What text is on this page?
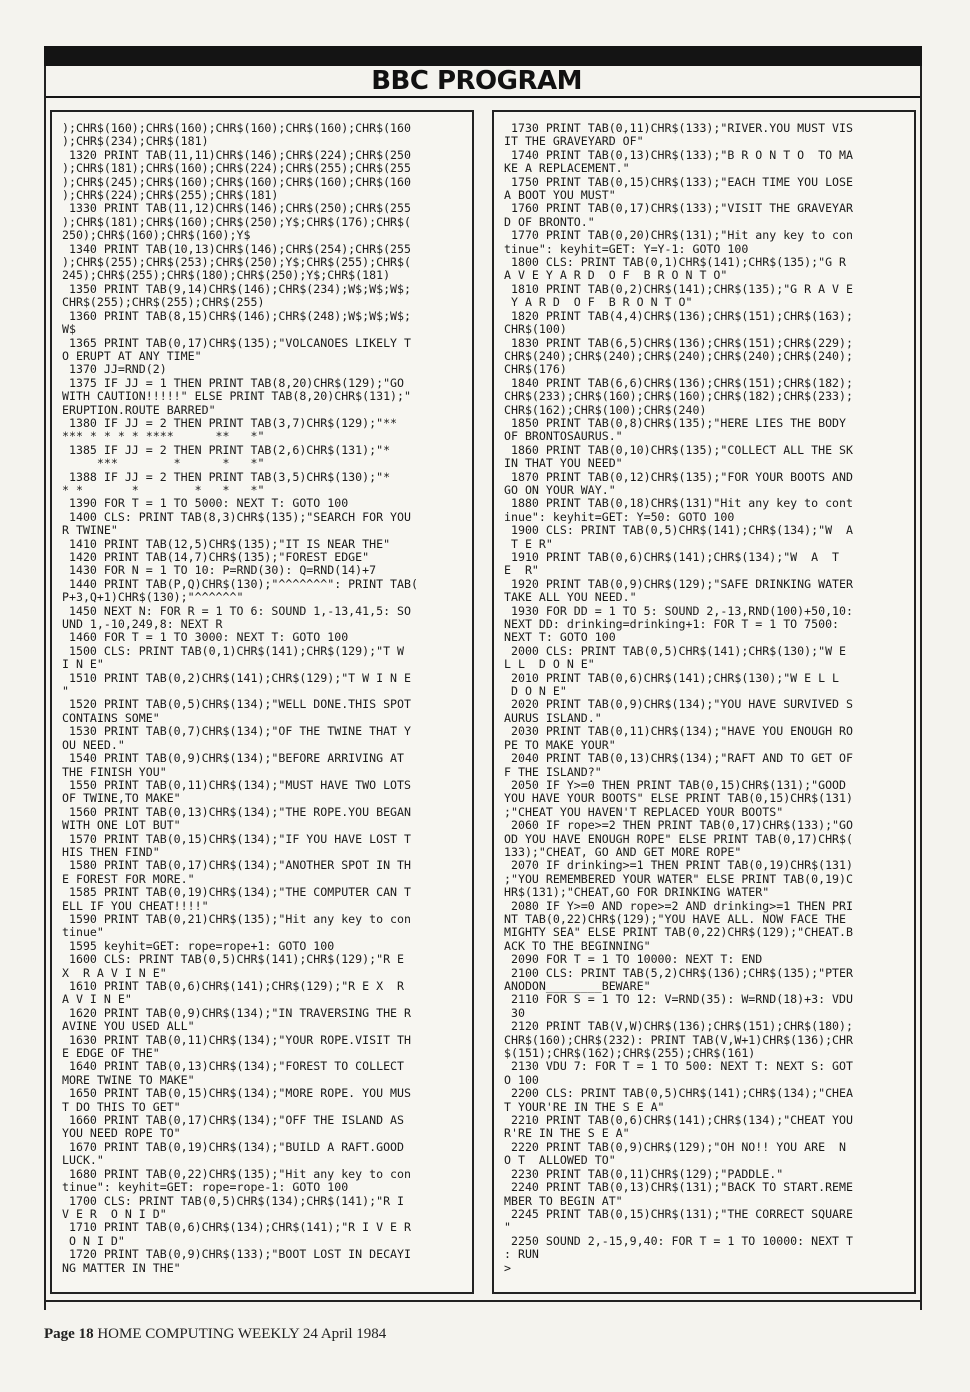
BBC PROGRAM
);CHR$(160);CHR$(160);CHR$(160);CHR$(160);CHR$(160
);CHR$(234);CHR$(181)
1320 PRINT TAB(11,11)CHR$(146);CHR$(224);CHR$(250
);CHR$(181);CHR$(160);CHR$(224);CHR$(255);CHR$(255
);CHR$(245);CHR$(160);CHR$(160);CHR$(160);CHR$(160
);CHR$(224);CHR$(255);CHR$(181)
1330 PRINT TAB(11,12)CHR$(146);CHR$(250);CHR$(255
);CHR$(181);CHR$(160);CHR$(250);Y$;CHR$(176);CHR$(
250);CHR$(160);CHR$(160);Y$
1340 PRINT TAB(10,13)CHR$(146);CHR$(254);CHR$(255
);CHR$(255);CHR$(253);CHR$(250);Y$;CHR$(255);CHR$(
245);CHR$(255);CHR$(180);CHR$(250);Y$;CHR$(181)
1350 PRINT TAB(9,14)CHR$(146);CHR$(234);W$;W$;W$;
CHR$(255);CHR$(255);CHR$(255)
1360 PRINT TAB(8,15)CHR$(146);CHR$(248);W$;W$;W$;
W$
1365 PRINT TAB(0,17)CHR$(135);"VOLCANOES LIKELY T
O ERUPT AT ANY TIME"
1370 JJ=RND(2)
1375 IF JJ = 1 THEN PRINT TAB(8,20)CHR$(129);"GO
WITH CAUTION!!!!!" ELSE PRINT TAB(8,20)CHR$(131);"
ERUPTION.ROUTE BARRED"
1380 IF JJ = 2 THEN PRINT TAB(3,7)CHR$(129);"**
*** * * * * ****      **   *"
1385 IF JJ = 2 THEN PRINT TAB(2,6)CHR$(131);"*
***        *      *   *"
1388 IF JJ = 2 THEN PRINT TAB(3,5)CHR$(130);"*
* *       *        *   *   *"
1390 FOR T = 1 TO 5000: NEXT T: GOTO 100
1400 CLS: PRINT TAB(8,3)CHR$(135);"SEARCH FOR YOU
R TWINE"
1410 PRINT TAB(12,5)CHR$(135);"IT IS NEAR THE"
1420 PRINT TAB(14,7)CHR$(135);"FOREST EDGE"
1430 FOR N = 1 TO 10: P=RND(30): Q=RND(14)+7
1440 PRINT TAB(P,Q)CHR$(130);"^^^^^^^": PRINT TAB(
P+3,Q+1)CHR$(130);"^^^^^^"
1450 NEXT N: FOR R = 1 TO 6: SOUND 1,-13,41,5: SO
UND 1,-10,249,8: NEXT R
1460 FOR T = 1 TO 3000: NEXT T: GOTO 100
1500 CLS: PRINT TAB(0,1)CHR$(141);CHR$(129);"T W
I N E"
1510 PRINT TAB(0,2)CHR$(141);CHR$(129);"T W I N E
"
1520 PRINT TAB(0,5)CHR$(134);"WELL DONE.THIS SPOT
CONTAINS SOME"
1530 PRINT TAB(0,7)CHR$(134);"OF THE TWINE THAT Y
OU NEED."
1540 PRINT TAB(0,9)CHR$(134);"BEFORE ARRIVING AT
THE FINISH YOU"
1550 PRINT TAB(0,11)CHR$(134);"MUST HAVE TWO LOTS
OF TWINE,TO MAKE"
1560 PRINT TAB(0,13)CHR$(134);"THE ROPE.YOU BEGAN
WITH ONE LOT BUT"
1570 PRINT TAB(0,15)CHR$(134);"IF YOU HAVE LOST T
HIS THEN FIND"
1580 PRINT TAB(0,17)CHR$(134);"ANOTHER SPOT IN TH
E FOREST FOR MORE."
1585 PRINT TAB(0,19)CHR$(134);"THE COMPUTER CAN T
ELL IF YOU CHEAT!!!!"
1590 PRINT TAB(0,21)CHR$(135);"Hit any key to con
tinue"
1595 keyhit=GET: rope=rope+1: GOTO 100
1600 CLS: PRINT TAB(0,5)CHR$(141);CHR$(129);"R E
X  R A V I N E"
1610 PRINT TAB(0,6)CHR$(141);CHR$(129);"R E X  R
A V I N E"
1620 PRINT TAB(0,9)CHR$(134);"IN TRAVERSING THE R
AVINE YOU USED ALL"
1630 PRINT TAB(0,11)CHR$(134);"YOUR ROPE.VISIT TH
E EDGE OF THE"
1640 PRINT TAB(0,13)CHR$(134);"FOREST TO COLLECT
MORE TWINE TO MAKE"
1650 PRINT TAB(0,15)CHR$(134);"MORE ROPE. YOU MUS
T DO THIS TO GET"
1660 PRINT TAB(0,17)CHR$(134);"OFF THE ISLAND AS
YOU NEED ROPE TO"
1670 PRINT TAB(0,19)CHR$(134);"BUILD A RAFT.GOOD
LUCK."
1680 PRINT TAB(0,22)CHR$(135);"Hit any key to con
tinue": keyhit=GET: rope=rope-1: GOTO 100
1700 CLS: PRINT TAB(0,5)CHR$(134);CHR$(141);"R I
V E R  O N I D"
1710 PRINT TAB(0,6)CHR$(134);CHR$(141);"R I V E R
O N I D"
1720 PRINT TAB(0,9)CHR$(133);"BOOT LOST IN DECAYI
NG MATTER IN THE"
1730 PRINT TAB(0,11)CHR$(133);"RIVER.YOU MUST VIS
IT THE GRAVEYARD OF"
1740 PRINT TAB(0,13)CHR$(133);"B R O N T O  TO MA
KE A REPLACEMENT."
1750 PRINT TAB(0,15)CHR$(133);"EACH TIME YOU LOSE
A BOOT YOU MUST"
1760 PRINT TAB(0,17)CHR$(133);"VISIT THE GRAVEYAR
D OF BRONTO."
1770 PRINT TAB(0,20)CHR$(131);"Hit any key to con
tinue": keyhit=GET: Y=Y-1: GOTO 100
1800 CLS: PRINT TAB(0,1)CHR$(141);CHR$(135);"G R
A V E Y A R D  O F  B R O N T O"
1810 PRINT TAB(0,2)CHR$(141);CHR$(135);"G R A V E
Y A R D  O F  B R O N T O"
1820 PRINT TAB(4,4)CHR$(136);CHR$(151);CHR$(163);
CHR$(100)
1830 PRINT TAB(6,5)CHR$(136);CHR$(151);CHR$(229);
CHR$(240);CHR$(240);CHR$(240);CHR$(240);CHR$(240);
CHR$(176)
1840 PRINT TAB(6,6)CHR$(136);CHR$(151);CHR$(182);
CHR$(233);CHR$(160);CHR$(160);CHR$(182);CHR$(233);
CHR$(162);CHR$(100);CHR$(240)
1850 PRINT TAB(0,8)CHR$(135);"HERE LIES THE BODY
OF BRONTOSAURUS."
1860 PRINT TAB(0,10)CHR$(135);"COLLECT ALL THE SK
IN THAT YOU NEED"
1870 PRINT TAB(0,12)CHR$(135);"FOR YOUR BOOTS AND
GO ON YOUR WAY."
1880 PRINT TAB(0,18)CHR$(131)"Hit any key to cont
inue": keyhit=GET: Y=50: GOTO 100
1900 CLS: PRINT TAB(0,5)CHR$(141);CHR$(134);"W  A
T E R"
1910 PRINT TAB(0,6)CHR$(141);CHR$(134);"W  A  T
E  R"
1920 PRINT TAB(0,9)CHR$(129);"SAFE DRINKING WATER
TAKE ALL YOU NEED."
1930 FOR DD = 1 TO 5: SOUND 2,-13,RND(100)+50,10:
NEXT DD: drinking=drinking+1: FOR T = 1 TO 7500:
NEXT T: GOTO 100
2000 CLS: PRINT TAB(0,5)CHR$(141);CHR$(130);"W E
L L  D O N E"
2010 PRINT TAB(0,6)CHR$(141);CHR$(130);"W E L L
D O N E"
2020 PRINT TAB(0,9)CHR$(134);"YOU HAVE SURVIVED S
AURUS ISLAND."
2030 PRINT TAB(0,11)CHR$(134);"HAVE YOU ENOUGH RO
PE TO MAKE YOUR"
2040 PRINT TAB(0,13)CHR$(134);"RAFT AND TO GET OF
F THE ISLAND?"
2050 IF Y>=0 THEN PRINT TAB(0,15)CHR$(131);"GOOD
YOU HAVE YOUR BOOTS" ELSE PRINT TAB(0,15)CHR$(131)
;"CHEAT YOU HAVEN'T REPLACED YOUR BOOTS"
2060 IF rope>=2 THEN PRINT TAB(0,17)CHR$(133);"GO
OD YOU HAVE ENOUGH ROPE" ELSE PRINT TAB(0,17)CHR$(
133);"CHEAT, GO AND GET MORE ROPE"
2070 IF drinking>=1 THEN PRINT TAB(0,19)CHR$(131)
;"YOU REMEMBERED YOUR WATER" ELSE PRINT TAB(0,19)C
HR$(131);"CHEAT,GO FOR DRINKING WATER"
2080 IF Y>=0 AND rope>=2 AND drinking>=1 THEN PRI
NT TAB(0,22)CHR$(129);"YOU HAVE ALL. NOW FACE THE
MIGHTY SEA" ELSE PRINT TAB(0,22)CHR$(129);"CHEAT.B
ACK TO THE BEGINNING"
2090 FOR T = 1 TO 10000: NEXT T: END
2100 CLS: PRINT TAB(5,2)CHR$(136);CHR$(135);"PTER
ANODON________BEWARE"
2110 FOR S = 1 TO 12: V=RND(35): W=RND(18)+3: VDU
30
2120 PRINT TAB(V,W)CHR$(136);CHR$(151);CHR$(180);
CHR$(160);CHR$(232): PRINT TAB(V,W+1)CHR$(136);CHR
$(151);CHR$(162);CHR$(255);CHR$(161)
2130 VDU 7: FOR T = 1 TO 500: NEXT T: NEXT S: GOT
O 100
2200 CLS: PRINT TAB(0,5)CHR$(141);CHR$(134);"CHEA
T YOUR'RE IN THE S E A"
2210 PRINT TAB(0,6)CHR$(141);CHR$(134);"CHEAT YOU
R'RE IN THE S E A"
2220 PRINT TAB(0,9)CHR$(129);"OH NO!! YOU ARE  N
O T  ALLOWED TO"
2230 PRINT TAB(0,11)CHR$(129);"PADDLE."
2240 PRINT TAB(0,13)CHR$(131);"BACK TO START.REME
MBER TO BEGIN AT"
2245 PRINT TAB(0,15)CHR$(131);"THE CORRECT SQUARE
"
2250 SOUND 2,-15,9,40: FOR T = 1 TO 10000: NEXT T
: RUN
>
Page 18 HOME COMPUTING WEEKLY 24 April 1984
